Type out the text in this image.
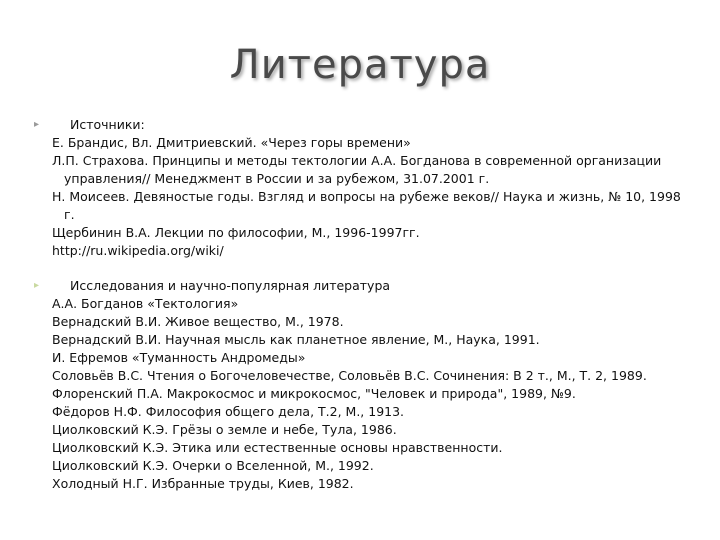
Литература
▸ Источники:
Е. Брандис, Вл. Дмитриевский. «Через горы времени»
Л.П. Страхова. Принципы и методы тектологии А.А. Богданова в современной организации управления// Менеджмент в России и за рубежом, 31.07.2001 г.
Н. Моисеев. Девяностые годы. Взгляд и вопросы на рубеже веков// Наука и жизнь, № 10, 1998 г.
Щербинин В.А. Лекции по философии, М., 1996-1997гг.
http://ru.wikipedia.org/wiki/
▸ Исследования и научно-популярная литература
А.А. Богданов «Тектология»
Вернадский В.И. Живое вещество, М., 1978.
Вернадский В.И. Научная мысль как планетное явление, М., Наука, 1991.
И. Ефремов «Туманность Андромеды»
Соловьёв В.С. Чтения о Богочеловечестве, Соловьёв В.С. Сочинения: В 2 т., М., Т. 2, 1989.
Флоренский П.А. Макрокосмос и микрокосмос, "Человек и природа", 1989, №9.
Фёдоров Н.Ф. Философия общего дела, Т.2, М., 1913.
Циолковский К.Э. Грёзы о земле и небе, Тула, 1986.
Циолковский К.Э. Этика или естественные основы нравственности.
Циолковский К.Э. Очерки о Вселенной, М., 1992.
Холодный Н.Г. Избранные труды, Киев, 1982.
